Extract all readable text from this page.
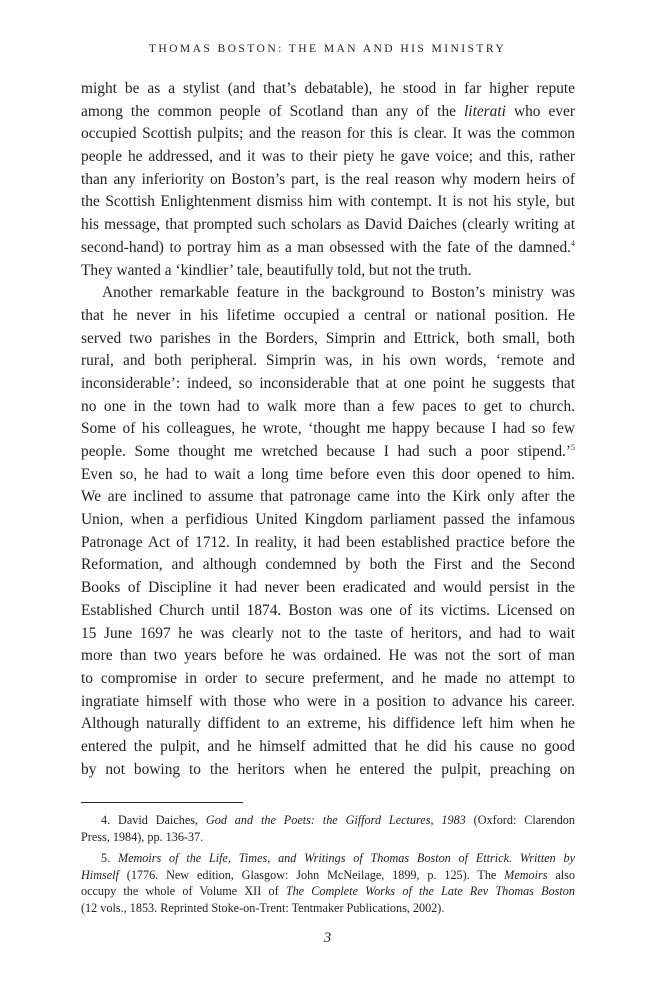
THOMAS BOSTON: THE MAN AND HIS MINISTRY
might be as a stylist (and that’s debatable), he stood in far higher repute
among the common people of Scotland than any of the literati who ever
occupied Scottish pulpits; and the reason for this is clear. It was the common
people he addressed, and it was to their piety he gave voice; and this, rather
than any inferiority on Boston’s part, is the real reason why modern heirs of
the Scottish Enlightenment dismiss him with contempt. It is not his style, but
his message, that prompted such scholars as David Daiches (clearly writing at
second-hand) to portray him as a man obsessed with the fate of the damned.$^4$
They wanted a ‘kindlier’ tale, beautifully told, but not the truth.
Another remarkable feature in the background to Boston’s ministry was
that he never in his lifetime occupied a central or national position. He
served two parishes in the Borders, Simprin and Ettrick, both small, both
rural, and both peripheral. Simprin was, in his own words, ‘remote and
inconsiderable’: indeed, so inconsiderable that at one point he suggests that
no one in the town had to walk more than a few paces to get to church.
Some of his colleagues, he wrote, ‘thought me happy because I had so few
people. Some thought me wretched because I had such a poor stipend.’$^5$
Even so, he had to wait a long time before even this door opened to him.
We are inclined to assume that patronage came into the Kirk only after the
Union, when a perfidious United Kingdom parliament passed the infamous
Patronage Act of 1712. In reality, it had been established practice before the
Reformation, and although condemned by both the First and the Second
Books of Discipline it had never been eradicated and would persist in the
Established Church until 1874. Boston was one of its victims. Licensed on
15 June 1697 he was clearly not to the taste of heritors, and had to wait
more than two years before he was ordained. He was not the sort of man
to compromise in order to secure preferment, and he made no attempt to
ingratiate himself with those who were in a position to advance his career.
Although naturally diffident to an extreme, his diffidence left him when he
entered the pulpit, and he himself admitted that he did his cause no good
by not bowing to the heritors when he entered the pulpit, preaching on
4. David Daiches, God and the Poets: the Gifford Lectures, 1983 (Oxford: Clarendon
Press, 1984), pp. 136-37.
5. Memoirs of the Life, Times, and Writings of Thomas Boston of Ettrick. Written by
Himself (1776. New edition, Glasgow: John McNeilage, 1899, p. 125). The Memoirs also
occupy the whole of Volume XII of The Complete Works of the Late Rev Thomas Boston
(12 vols., 1853. Reprinted Stoke-on-Trent: Tentmaker Publications, 2002).
3
